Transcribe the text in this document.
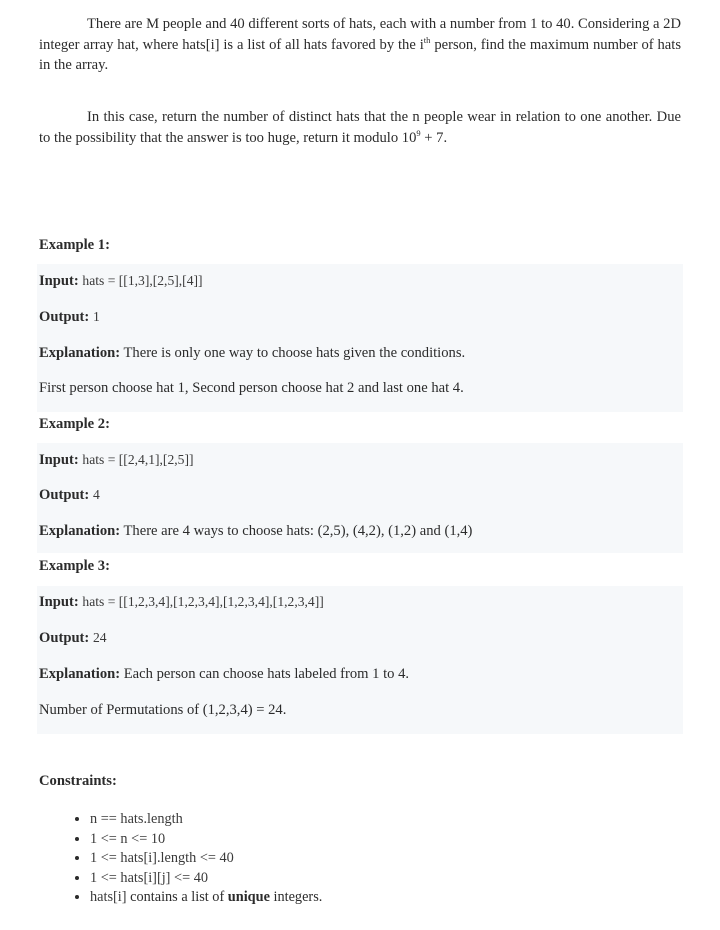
There are M people and 40 different sorts of hats, each with a number from 1 to 40. Considering a 2D integer array hat, where hats[i] is a list of all hats favored by the $i^{th}$ person, find the maximum number of hats in the array.

In this case, return the number of distinct hats that the n people wear in relation to one another. Due to the possibility that the answer is too huge, return it modulo $10^9 + 7$.

Example 1:

Input: hats = [[1,3],[2,5],[4]]

Output: 1

Explanation: There is only one way to choose hats given the conditions.

First person choose hat 1, Second person choose hat 2 and last one hat 4.

Example 2:

Input: hats = [[2,4,1],[2,5]]

Output: 4

Explanation: There are 4 ways to choose hats: (2,5), (4,2), (1,2) and (1,4)

Example 3:

Input: hats = [[1,2,3,4],[1,2,3,4],[1,2,3,4],[1,2,3,4]]

Output: 24

Explanation: Each person can choose hats labeled from 1 to 4.

Number of Permutations of (1,2,3,4) = 24.

Constraints:

• n == hats.length
• 1 <= n <= 10
• 1 <= hats[i].length <= 40
• 1 <= hats[i][j] <= 40
• hats[i] contains a list of unique integers.
